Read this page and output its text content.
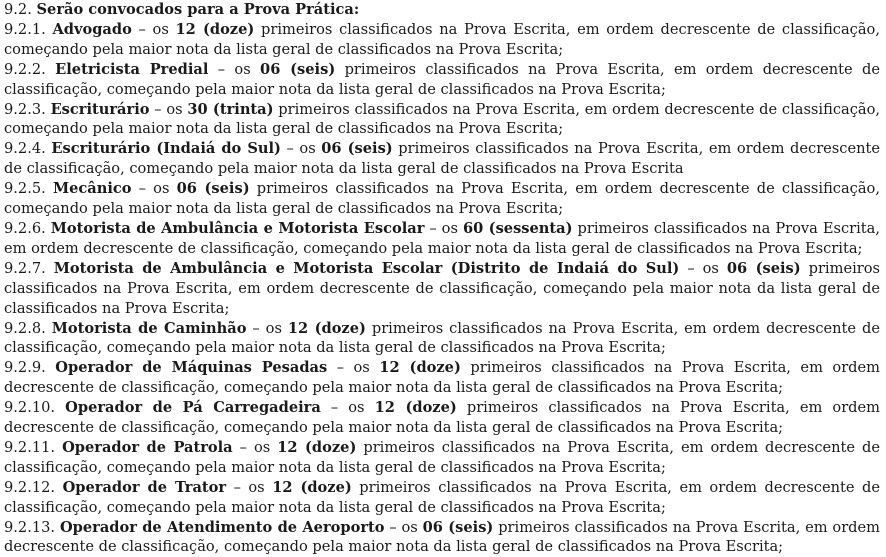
9.2. Serão convocados para a Prova Prática:

9.2.1. Advogado – os 12 (doze) primeiros classificados na Prova Escrita, em ordem decrescente de classificação, começando pela maior nota da lista geral de classificados na Prova Escrita;

9.2.2. Eletricista Predial – os 06 (seis) primeiros classificados na Prova Escrita, em ordem decrescente de classificação, começando pela maior nota da lista geral de classificados na Prova Escrita;

9.2.3. Escriturário – os 30 (trinta) primeiros classificados na Prova Escrita, em ordem decrescente de classificação, começando pela maior nota da lista geral de classificados na Prova Escrita;

9.2.4. Escriturário (Indaiá do Sul) – os 06 (seis) primeiros classificados na Prova Escrita, em ordem decrescente de classificação, começando pela maior nota da lista geral de classificados na Prova Escrita

9.2.5. Mecânico – os 06 (seis) primeiros classificados na Prova Escrita, em ordem decrescente de classificação, começando pela maior nota da lista geral de classificados na Prova Escrita;

9.2.6. Motorista de Ambulância e Motorista Escolar – os 60 (sessenta) primeiros classificados na Prova Escrita, em ordem decrescente de classificação, começando pela maior nota da lista geral de classificados na Prova Escrita;

9.2.7. Motorista de Ambulância e Motorista Escolar (Distrito de Indaiá do Sul) – os 06 (seis) primeiros classificados na Prova Escrita, em ordem decrescente de classificação, começando pela maior nota da lista geral de classificados na Prova Escrita;

9.2.8. Motorista de Caminhão – os 12 (doze) primeiros classificados na Prova Escrita, em ordem decrescente de classificação, começando pela maior nota da lista geral de classificados na Prova Escrita;

9.2.9. Operador de Máquinas Pesadas – os 12 (doze) primeiros classificados na Prova Escrita, em ordem decrescente de classificação, começando pela maior nota da lista geral de classificados na Prova Escrita;

9.2.10. Operador de Pá Carregadeira – os 12 (doze) primeiros classificados na Prova Escrita, em ordem decrescente de classificação, começando pela maior nota da lista geral de classificados na Prova Escrita;

9.2.11. Operador de Patrola – os 12 (doze) primeiros classificados na Prova Escrita, em ordem decrescente de classificação, começando pela maior nota da lista geral de classificados na Prova Escrita;

9.2.12. Operador de Trator – os 12 (doze) primeiros classificados na Prova Escrita, em ordem decrescente de classificação, começando pela maior nota da lista geral de classificados na Prova Escrita;

9.2.13. Operador de Atendimento de Aeroporto – os 06 (seis) primeiros classificados na Prova Escrita, em ordem decrescente de classificação, começando pela maior nota da lista geral de classificados na Prova Escrita;
